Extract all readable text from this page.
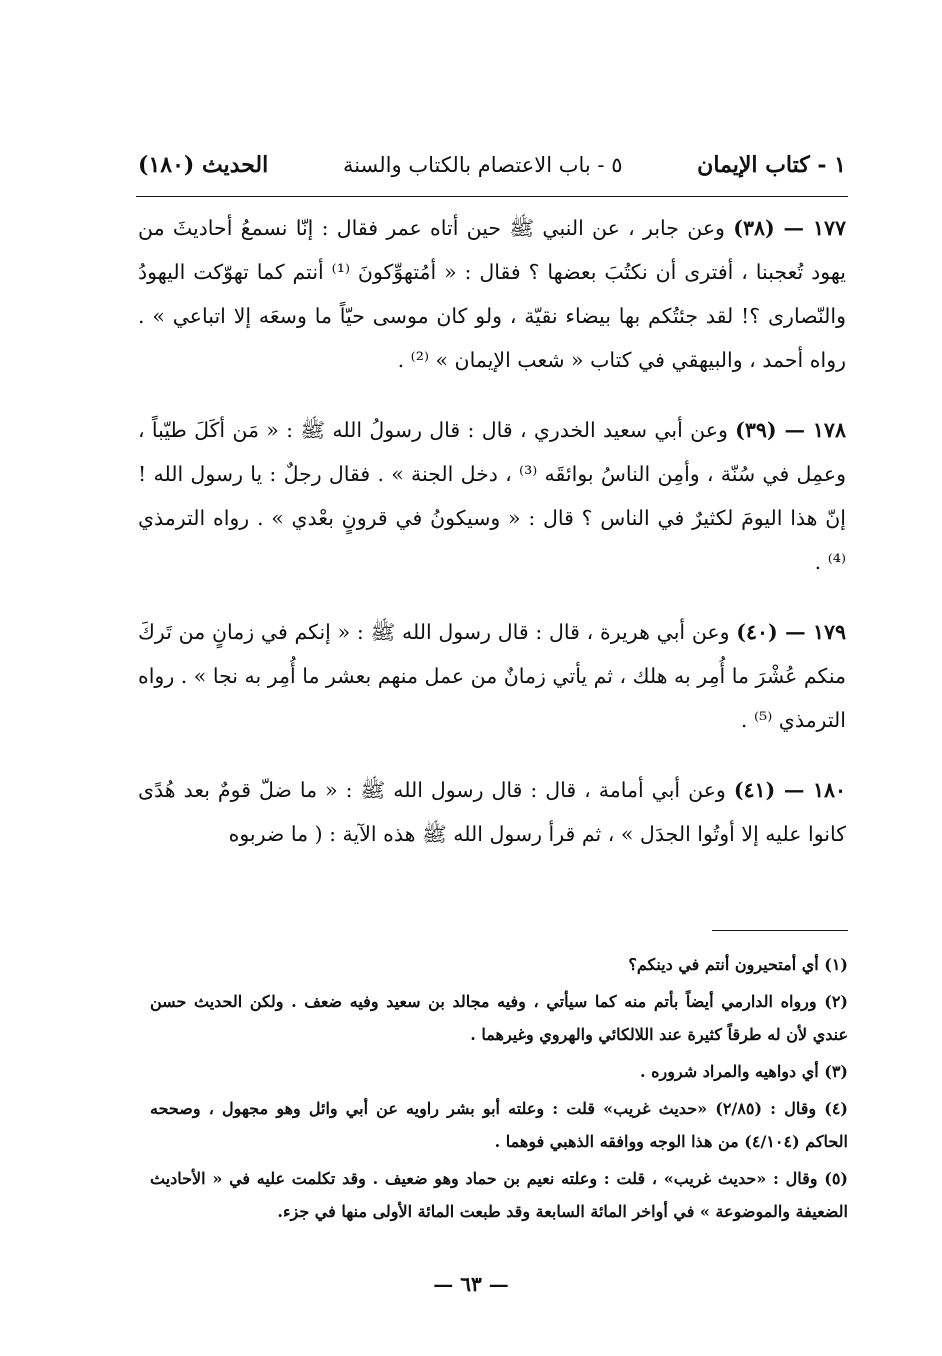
١ - كتاب الإيمان
٥ - باب الاعتصام بالكتاب والسنة
الحديث (١٨٠)

١٧٧ — (٣٨) وعن جابر ، عن النبي ﷺ حين أتاه عمر فقال : إنّا نسمعُ أحاديثَ من يهود تُعجبنا ، أفترى أن نكتُبَ بعضها ؟ فقال : « أمُتهوِّكونَ ⁽¹⁾ أنتم كما تهوّكت اليهودُ والنّصارى ؟! لقد جئتُكم بها بيضاء نقيّة ، ولو كان موسى حيّاً ما وسعَه إلا اتباعي » . رواه أحمد ، والبيهقي في كتاب « شعب الإيمان » ⁽²⁾ .

١٧٨ — (٣٩) وعن أبي سعيد الخدري ، قال : قال رسولُ الله ﷺ : « مَن أكَلَ طيّباً ، وعمِل في سُنّة ، وأمِن الناسُ بوائقَه ⁽³⁾ ، دخل الجنة » . فقال رجلٌ : يا رسول الله ! إنّ هذا اليومَ لكثيرٌ في الناس ؟ قال : « وسيكونُ في قرونٍ بعْدي » . رواه الترمذي ⁽⁴⁾ .

١٧٩ — (٤٠) وعن أبي هريرة ، قال : قال رسول الله ﷺ : « إنكم في زمانٍ من تَركَ منكم عُشْرَ ما أُمِر به هلك ، ثم يأتي زمانٌ من عمل منهم بعشر ما أُمِر به نجا » . رواه الترمذي ⁽⁵⁾ .

١٨٠ — (٤١) وعن أبي أمامة ، قال : قال رسول الله ﷺ : « ما ضلّ قومٌ بعد هُدًى كانوا عليه إلا أوتُوا الجدَل » ، ثم قرأ رسول الله ﷺ هذه الآية : ( ما ضربوه

(١) أي أمتحيرون أنتم في دينكم؟

(٢) ورواه الدارمي أيضاً بأتم منه كما سيأتي ، وفيه مجالد بن سعيد وفيه ضعف . ولكن الحديث حسن عندي لأن له طرقاً كثيرة عند اللالكائي والهروي وغيرهما .

(٣) أي دواهيه والمراد شروره .

(٤) وقال : (٢/٨٥) «حديث غريب» قلت : وعلته أبو بشر راويه عن أبي وائل وهو مجهول ، وصححه الحاكم (٤/١٠٤) من هذا الوجه ووافقه الذهبي فوهما .

(٥) وقال : «حديث غريب» ، قلت : وعلته نعيم بن حماد وهو ضعيف . وقد تكلمت عليه في « الأحاديث الضعيفة والموضوعة » في أواخر المائة السابعة وقد طبعت المائة الأولى منها في جزء.

— ٦٣ —
